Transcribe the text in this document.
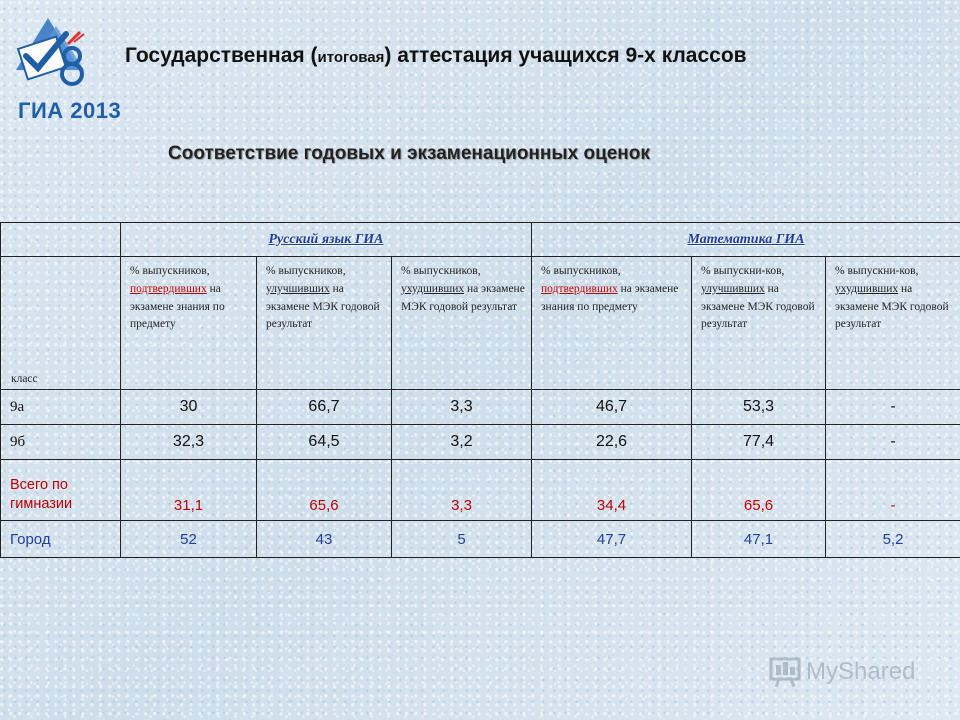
ГИА 2013
Государственная (итоговая) аттестация учащихся 9-х классов
Соответствие годовых и экзаменационных оценок
	Русский язык ГИА			Математика ГИА		
класс	% выпускников, подтвердивших на экзамене знания по предмету	% выпускников, улучшивших на экзамене МЭК годовой результат	% выпускников, ухудшивших на экзамене МЭК годовой результат	% выпускников, подтвердивших на экзамене знания по предмету	% выпускни-ков, улучшивших на экзамене МЭК годовой результат	% выпускни-ков, ухудшивших на экзамене МЭК годовой результат
9а	30	66,7	3,3	46,7	53,3	-
9б	32,3	64,5	3,2	22,6	77,4	-
Всего по
гимназии	31,1	65,6	3,3	34,4	65,6	-
Город	52	43	5	47,7	47,1	5,2
MyShared
